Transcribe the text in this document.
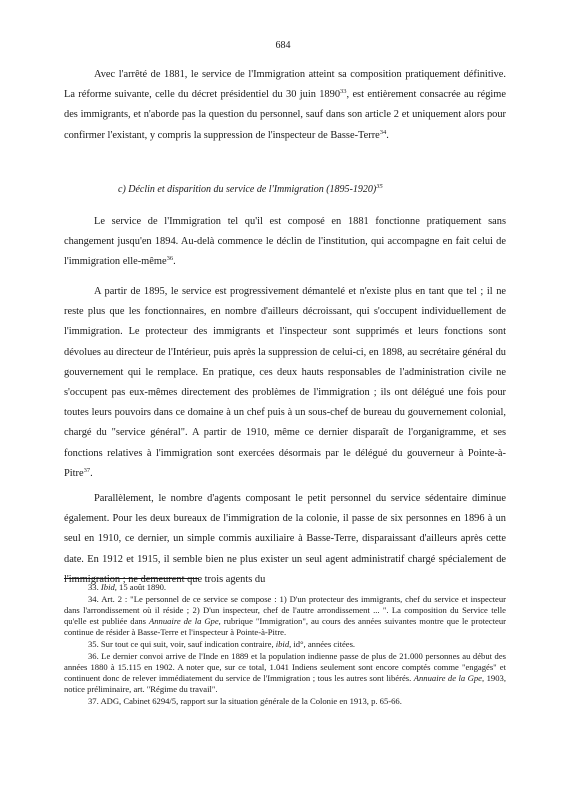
684

Avec l'arrêté de 1881, le service de l'Immigration atteint sa composition pratiquement définitive. La réforme suivante, celle du décret présidentiel du 30 juin 1890$^{33}$, est entièrement consacrée au régime des immigrants, et n'aborde pas la question du personnel, sauf dans son article 2 et uniquement alors pour confirmer l'existant, y compris la suppression de l'inspecteur de Basse-Terre$^{34}$.

c) Déclin et disparition du service de l'Immigration (1895-1920)$^{35}$

Le service de l'Immigration tel qu'il est composé en 1881 fonctionne pratiquement sans changement jusqu'en 1894. Au-delà commence le déclin de l'institution, qui accompagne en fait celui de l'immigration elle-même$^{36}$.

A partir de 1895, le service est progressivement démantelé et n'existe plus en tant que tel ; il ne reste plus que les fonctionnaires, en nombre d'ailleurs décroissant, qui s'occupent individuellement de l'immigration. Le protecteur des immigrants et l'inspecteur sont supprimés et leurs fonctions sont dévolues au directeur de l'Intérieur, puis après la suppression de celui-ci, en 1898, au secrétaire général du gouvernement qui le remplace. En pratique, ces deux hauts responsables de l'administration civile ne s'occupent pas eux-mêmes directement des problèmes de l'immigration ; ils ont délégué une fois pour toutes leurs pouvoirs dans ce domaine à un chef puis à un sous-chef de bureau du gouvernement colonial, chargé du "service général". A partir de 1910, même ce dernier disparaît de l'organigramme, et ses fonctions relatives à l'immigration sont exercées désormais par le délégué du gouverneur à Pointe-à-Pitre$^{37}$.

Parallèlement, le nombre d'agents composant le petit personnel du service sédentaire diminue également. Pour les deux bureaux de l'immigration de la colonie, il passe de six personnes en 1896 à un seul en 1910, ce dernier, un simple commis auxiliaire à Basse-Terre, disparaissant d'ailleurs après cette date. En 1912 et 1915, il semble bien ne plus exister un seul agent administratif chargé spécialement de l'immigration ; ne demeurent que trois agents du

33. Ibid, 15 août 1890.

34. Art. 2 : "Le personnel de ce service se compose : 1) D'un protecteur des immigrants, chef du service et inspecteur dans l'arrondissement où il réside ; 2) D'un inspecteur, chef de l'autre arrondissement ... ". La composition du Service telle qu'elle est publiée dans Annuaire de la Gpe, rubrique "Immigration", au cours des années suivantes montre que le protecteur continue de résider à Basse-Terre et l'inspecteur à Pointe-à-Pitre.

35. Sur tout ce qui suit, voir, sauf indication contraire, ibid, id°, années citées.

36. Le dernier convoi arrive de l'Inde en 1889 et la population indienne passe de plus de 21.000 personnes au début des années 1880 à 15.115 en 1902. A noter que, sur ce total, 1.041 Indiens seulement sont encore comptés comme "engagés" et continuent donc de relever immédiatement du service de l'Immigration ; tous les autres sont libérés. Annuaire de la Gpe, 1903, notice préliminaire, art. "Régime du travail".

37. ADG, Cabinet 6294/5, rapport sur la situation générale de la Colonie en 1913, p. 65-66.
